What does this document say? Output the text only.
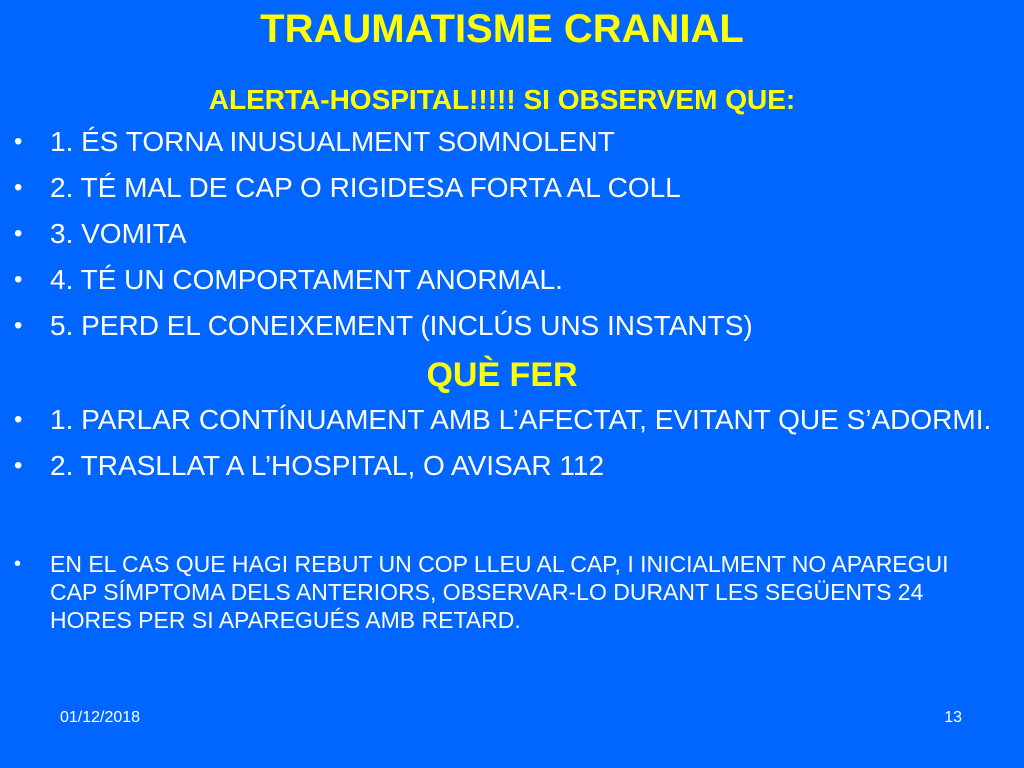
TRAUMATISME CRANIAL
ALERTA-HOSPITAL!!!!! SI OBSERVEM QUE:
• 1. ÉS TORNA INUSUALMENT SOMNOLENT
• 2. TÉ MAL DE CAP O RIGIDESA FORTA AL COLL
• 3. VOMITA
• 4. TÉ UN COMPORTAMENT ANORMAL.
• 5. PERD EL CONEIXEMENT (INCLÚS UNS INSTANTS)
QUÈ FER
• 1. PARLAR CONTÍNUAMENT AMB L’AFECTAT, EVITANT QUE S’ADORMI.
• 2. TRASLLAT A L’HOSPITAL, O AVISAR 112
• EN EL CAS QUE HAGI REBUT UN COP LLEU AL CAP, I INICIALMENT NO APAREGUI CAP SÍMPTOMA DELS ANTERIORS, OBSERVAR-LO DURANT LES SEGÜENTS 24 HORES PER SI APAREGUÉS AMB RETARD.
01/12/2018	13
